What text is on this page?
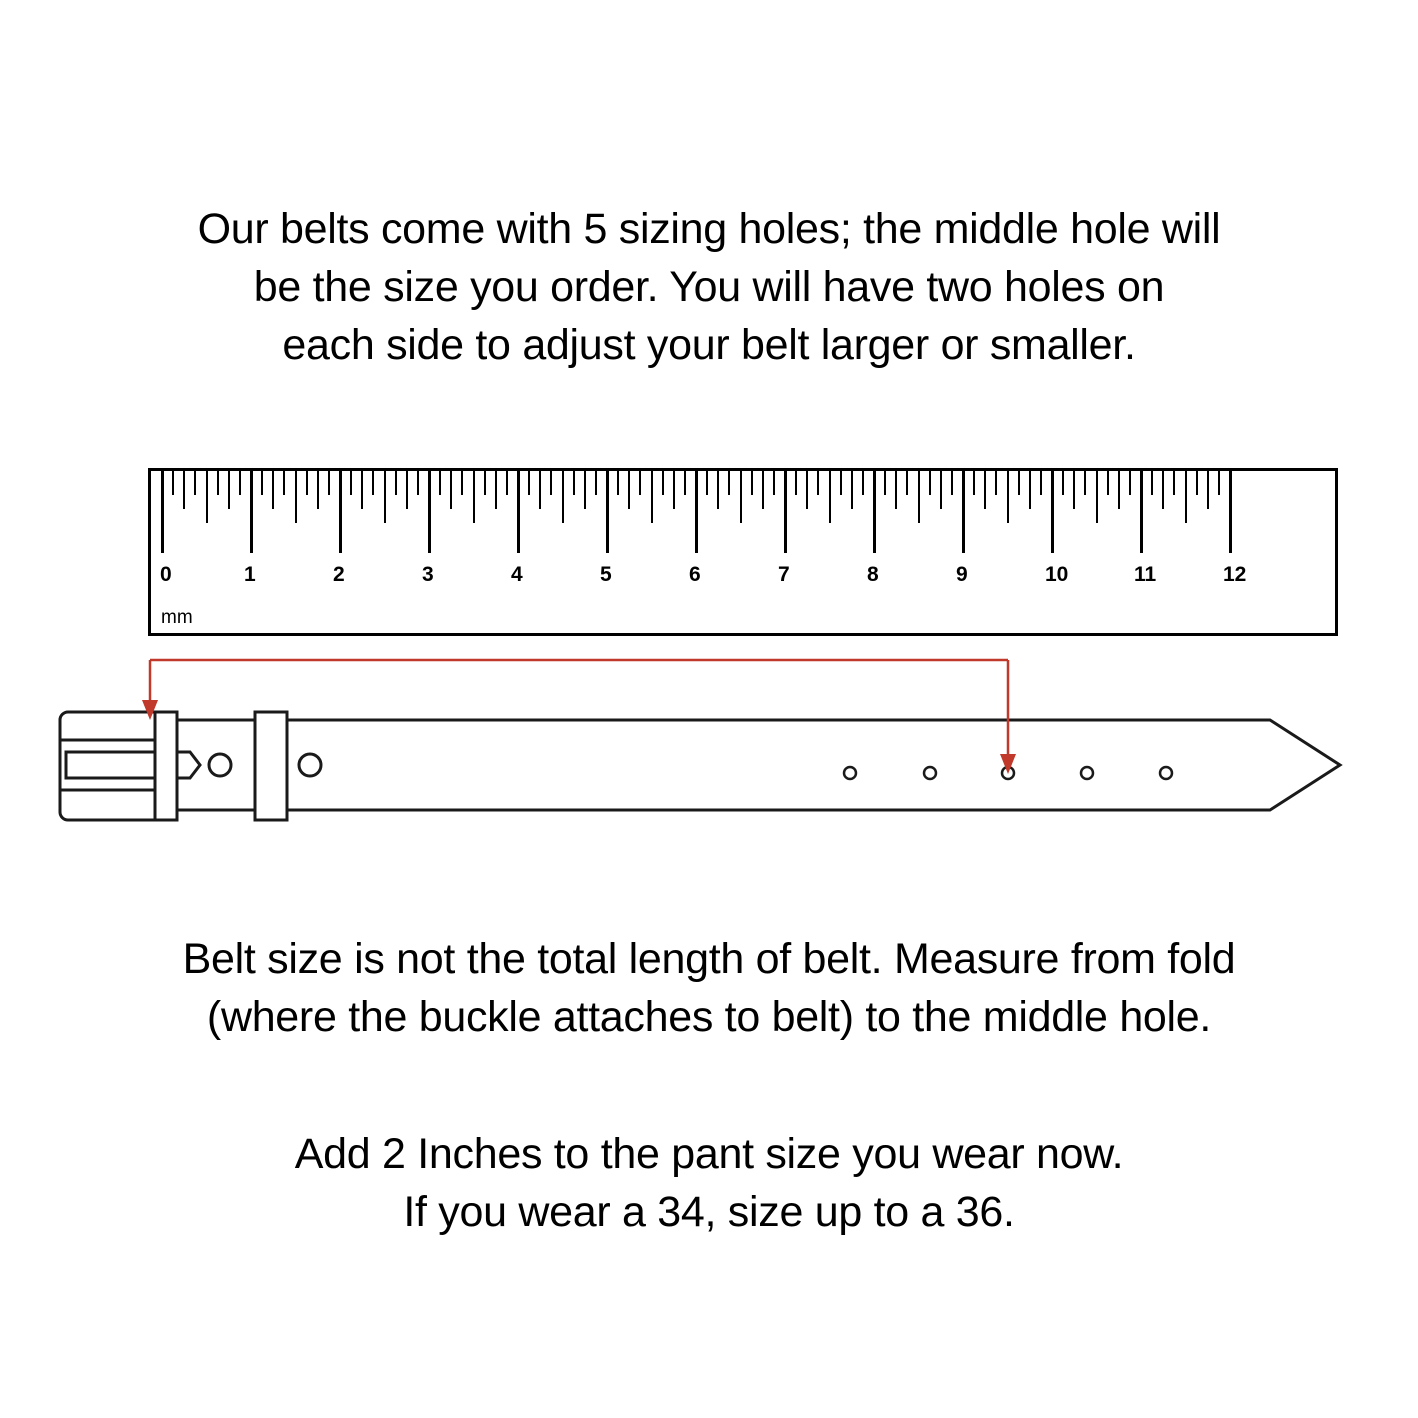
Our belts come with 5 sizing holes; the middle hole will
be the size you order. You will have two holes on
each side to adjust your belt larger or smaller.
0	1	2	3	4	5	6	7	8	9	10	11	12
mm
Belt size is not the total length of belt. Measure from fold
(where the buckle attaches to belt) to the middle hole.
Add 2 Inches to the pant size you wear now.
If you wear a 34, size up to a 36.
